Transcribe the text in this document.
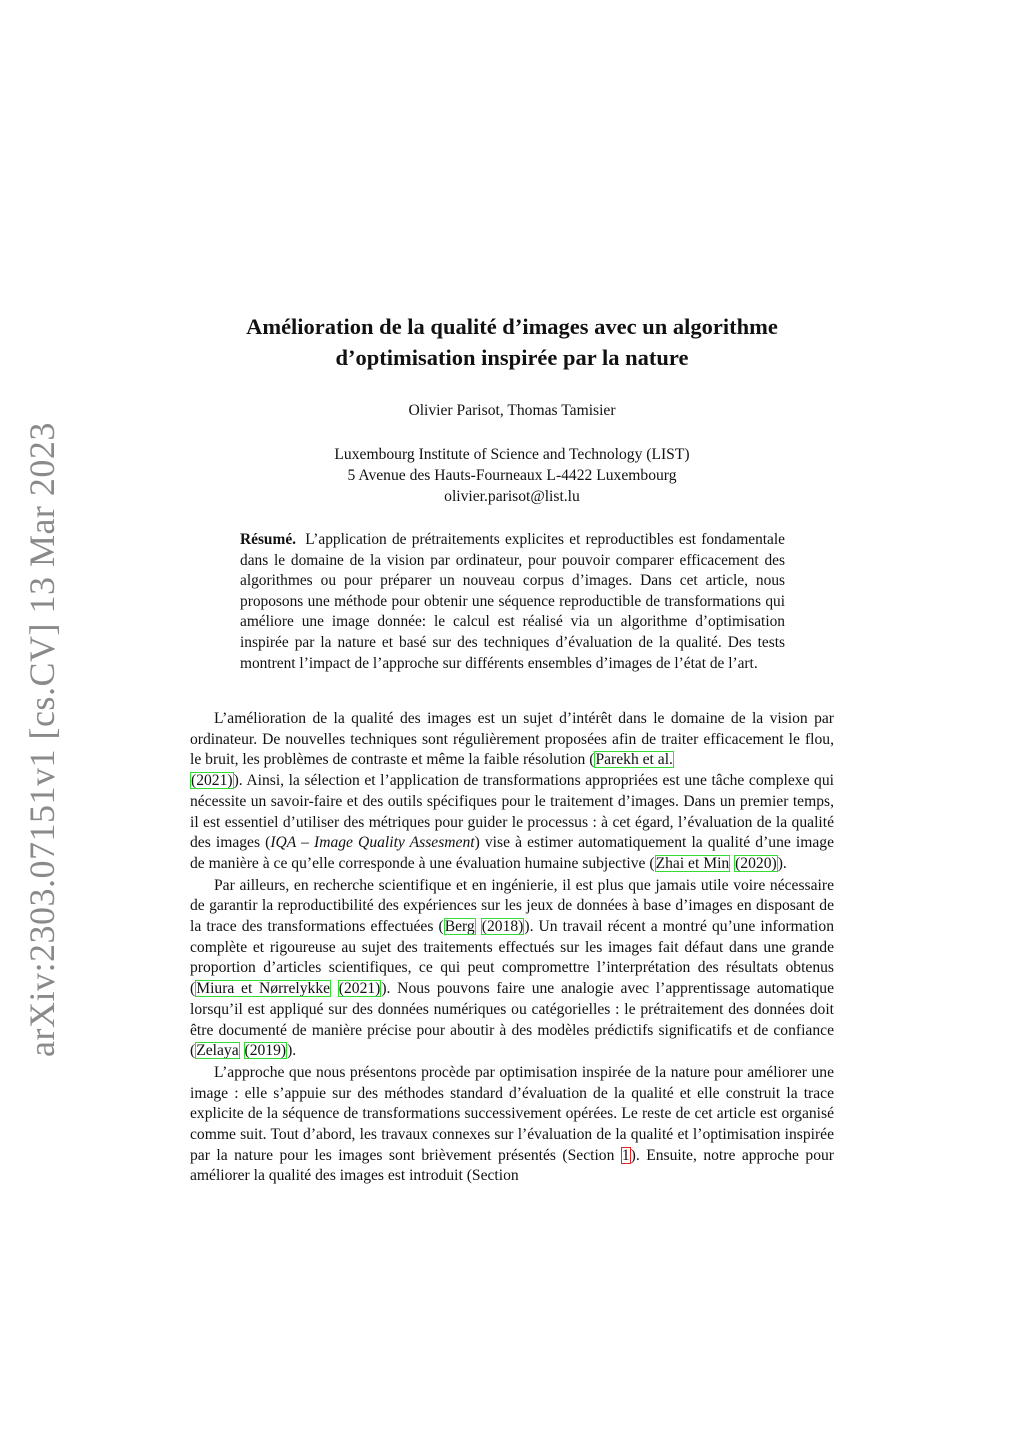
arXiv:2303.07151v1 [cs.CV] 13 Mar 2023
Amélioration de la qualité d’images avec un algorithme
d’optimisation inspirée par la nature
Olivier Parisot, Thomas Tamisier
Luxembourg Institute of Science and Technology (LIST)
5 Avenue des Hauts-Fourneaux L-4422 Luxembourg
olivier.parisot@list.lu
Résumé. L’application de prétraitements explicites et reproductibles est fondamentale dans le domaine de la vision par ordinateur, pour pouvoir comparer efficacement des algorithmes ou pour préparer un nouveau corpus d’images. Dans cet article, nous proposons une méthode pour obtenir une séquence reproductible de transformations qui améliore une image donnée: le calcul est réalisé via un algorithme d’optimisation inspirée par la nature et basé sur des techniques d’évaluation de la qualité. Des tests montrent l’impact de l’approche sur différents ensembles d’images de l’état de l’art.

L’amélioration de la qualité des images est un sujet d’intérêt dans le domaine de la vision par ordinateur. De nouvelles techniques sont régulièrement proposées afin de traiter efficacement le flou, le bruit, les problèmes de contraste et même la faible résolution (Parekh et al.
(2021)). Ainsi, la sélection et l’application de transformations appropriées est une tâche complexe qui nécessite un savoir-faire et des outils spécifiques pour le traitement d’images. Dans un premier temps, il est essentiel d’utiliser des métriques pour guider le processus : à cet égard, l’évaluation de la qualité des images (IQA – Image Quality Assesment) vise à estimer automatiquement la qualité d’une image de manière à ce qu’elle corresponde à une évaluation humaine subjective (Zhai et Min (2020)).

Par ailleurs, en recherche scientifique et en ingénierie, il est plus que jamais utile voire nécessaire de garantir la reproductibilité des expériences sur les jeux de données à base d’images en disposant de la trace des transformations effectuées (Berg (2018)). Un travail récent a montré qu’une information complète et rigoureuse au sujet des traitements effectués sur les images fait défaut dans une grande proportion d’articles scientifiques, ce qui peut compromettre l’interprétation des résultats obtenus (Miura et Nørrelykke (2021)). Nous pouvons faire une analogie avec l’apprentissage automatique lorsqu’il est appliqué sur des données numériques ou catégorielles : le prétraitement des données doit être documenté de manière précise pour aboutir à des modèles prédictifs significatifs et de confiance (Zelaya (2019)).

L’approche que nous présentons procède par optimisation inspirée de la nature pour améliorer une image : elle s’appuie sur des méthodes standard d’évaluation de la qualité et elle construit la trace explicite de la séquence de transformations successivement opérées. Le reste de cet article est organisé comme suit. Tout d’abord, les travaux connexes sur l’évaluation de la qualité et l’optimisation inspirée par la nature pour les images sont brièvement présentés (Section 1). Ensuite, notre approche pour améliorer la qualité des images est introduit (Section
